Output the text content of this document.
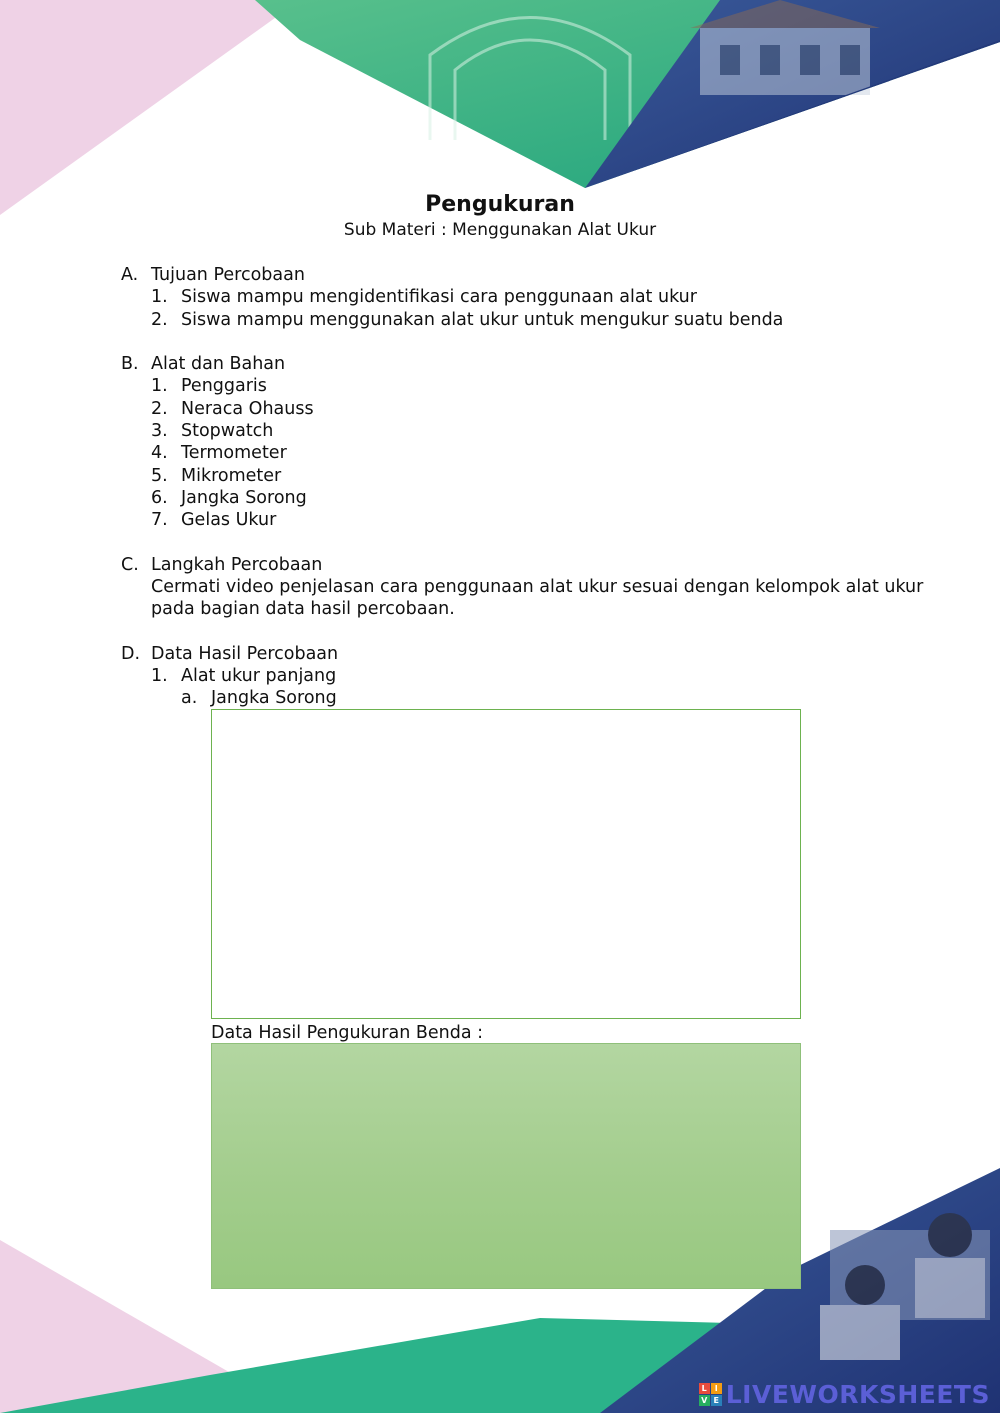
Pengukuran
Sub Materi : Menggunakan Alat Ukur
A. Tujuan Percobaan
1. Siswa mampu mengidentifikasi cara penggunaan alat ukur
2. Siswa mampu menggunakan alat ukur untuk mengukur suatu benda
B. Alat dan Bahan
1. Penggaris
2. Neraca Ohauss
3. Stopwatch
4. Termometer
5. Mikrometer
6. Jangka Sorong
7. Gelas Ukur
C. Langkah Percobaan
Cermati video penjelasan cara penggunaan alat ukur sesuai dengan kelompok alat ukur
pada bagian data hasil percobaan.
D. Data Hasil Percobaan
1. Alat ukur panjang
a. Jangka Sorong
Data Hasil Pengukuran Benda :
L I
V E LIVEWORKSHEETS
